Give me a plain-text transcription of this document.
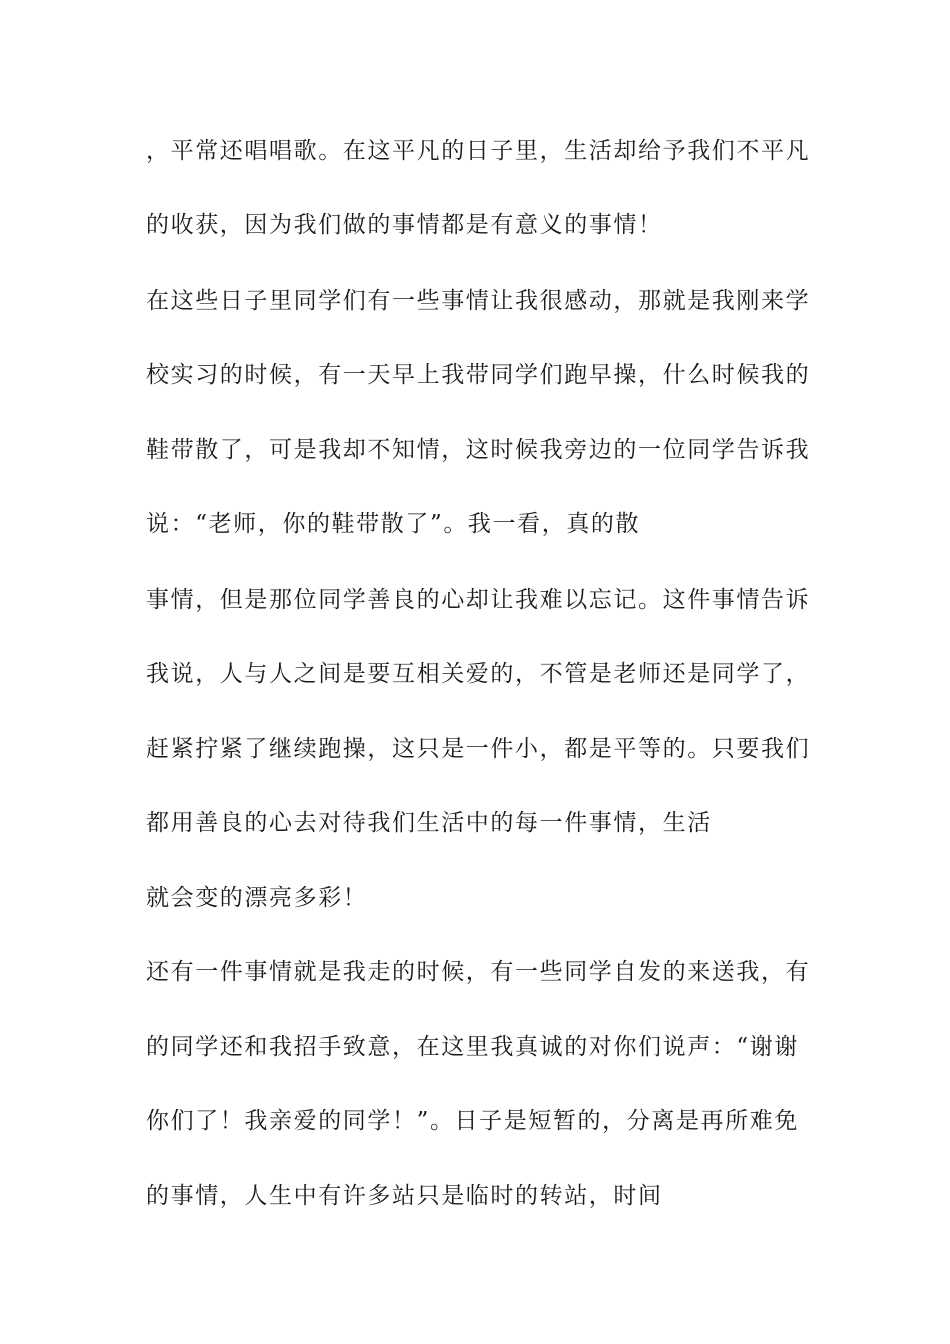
，平常还唱唱歌。在这平凡的日子里，生活却给予我们不平凡

的收获，因为我们做的事情都是有意义的事情！

在这些日子里同学们有一些事情让我很感动，那就是我刚来学

校实习的时候，有一天早上我带同学们跑早操，什么时候我的

鞋带散了，可是我却不知情，这时候我旁边的一位同学告诉我

说：“老师，你的鞋带散了”。我一看，真的散

事情，但是那位同学善良的心却让我难以忘记。这件事情告诉

我说，人与人之间是要互相关爱的，不管是老师还是同学了，

赶紧拧紧了继续跑操，这只是一件小，都是平等的。只要我们

都用善良的心去对待我们生活中的每一件事情，生活

就会变的漂亮多彩！

还有一件事情就是我走的时候，有一些同学自发的来送我，有

的同学还和我招手致意，在这里我真诚的对你们说声：“谢谢

你们了！我亲爱的同学！”。日子是短暂的，分离是再所难免

的事情，人生中有许多站只是临时的转站，时间
